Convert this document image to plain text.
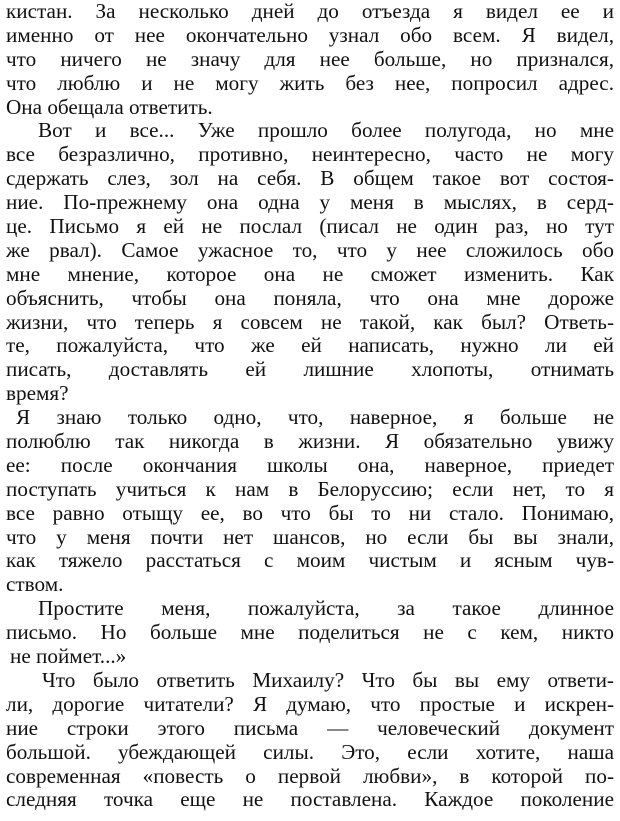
кистан. За несколько дней до отъезда я видел ее и
именно от нее окончательно узнал обо всем. Я видел,
что ничего не значу для нее больше, но признался,
что люблю и не могу жить без нее, попросил адрес.
Она обещала ответить.
Вот и все... Уже прошло более полугода, но мне
все безразлично, противно, неинтересно, часто не могу
сдержать слез, зол на себя. В общем такое вот состоя-
ние. По-прежнему она одна у меня в мыслях, в серд-
це. Письмо я ей не послал (писал не один раз, но тут
же рвал). Самое ужасное то, что у нее сложилось обо
мне мнение, которое она не сможет изменить. Как
объяснить, чтобы она поняла, что она мне дороже
жизни, что теперь я совсем не такой, как был? Ответь-
те, пожалуйста, что же ей написать, нужно ли ей
писать, доставлять ей лишние хлопоты, отнимать
время?
Я знаю только одно, что, наверное, я больше не
полюблю так никогда в жизни. Я обязательно увижу
ее: после окончания школы она, наверное, приедет
поступать учиться к нам в Белоруссию; если нет, то я
все равно отыщу ее, во что бы то ни стало. Понимаю,
что у меня почти нет шансов, но если бы вы знали,
как тяжело расстаться с моим чистым и ясным чув-
ством.
Простите меня, пожалуйста, за такое длинное
письмо. Но больше мне поделиться не с кем, никто
не поймет...»
Что было ответить Михаилу? Что бы вы ему ответи-
ли, дорогие читатели? Я думаю, что простые и искрен-
ние строки этого письма — человеческий документ
большой. убеждающей силы. Это, если хотите, наша
современная «повесть о первой любви», в которой по-
следняя точка еще не поставлена. Каждое поколение
